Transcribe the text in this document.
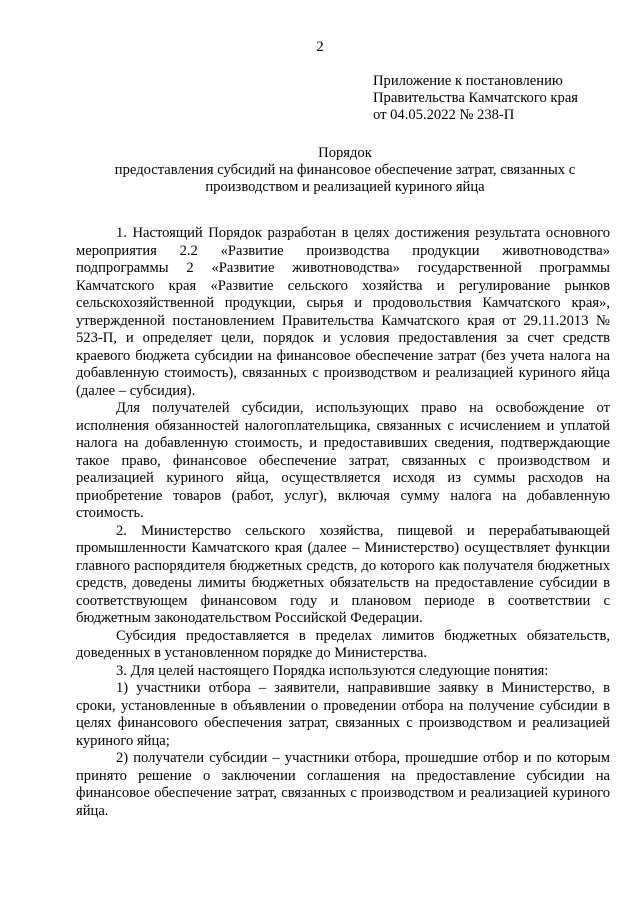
2
Приложение к постановлению
Правительства Камчатского края
от 04.05.2022 № 238-П
Порядок
предоставления субсидий на финансовое обеспечение затрат, связанных с
производством и реализацией куриного яйца

1. Настоящий Порядок разработан в целях достижения результата основного мероприятия 2.2 «Развитие производства продукции животноводства» подпрограммы 2 «Развитие животноводства» государственной программы Камчатского края «Развитие сельского хозяйства и регулирование рынков сельскохозяйственной продукции, сырья и продовольствия Камчатского края», утвержденной постановлением Правительства Камчатского края от 29.11.2013 № 523-П, и определяет цели, порядок и условия предоставления за счет средств краевого бюджета субсидии на финансовое обеспечение затрат (без учета налога на добавленную стоимость), связанных с производством и реализацией куриного яйца (далее – субсидия).

Для получателей субсидии, использующих право на освобождение от исполнения обязанностей налогоплательщика, связанных с исчислением и уплатой налога на добавленную стоимость, и предоставивших сведения, подтверждающие такое право, финансовое обеспечение затрат, связанных с производством и реализацией куриного яйца, осуществляется исходя из суммы расходов на приобретение товаров (работ, услуг), включая сумму налога на добавленную стоимость.

2. Министерство сельского хозяйства, пищевой и перерабатывающей промышленности Камчатского края (далее – Министерство) осуществляет функции главного распорядителя бюджетных средств, до которого как получателя бюджетных средств, доведены лимиты бюджетных обязательств на предоставление субсидии в соответствующем финансовом году и плановом периоде в соответствии с бюджетным законодательством Российской Федерации.

Субсидия предоставляется в пределах лимитов бюджетных обязательств, доведенных в установленном порядке до Министерства.

3. Для целей настоящего Порядка используются следующие понятия:

1) участники отбора – заявители, направившие заявку в Министерство, в сроки, установленные в объявлении о проведении отбора на получение субсидии в целях финансового обеспечения затрат, связанных с производством и реализацией куриного яйца;

2) получатели субсидии – участники отбора, прошедшие отбор и по которым принято решение о заключении соглашения на предоставление субсидии на финансовое обеспечение затрат, связанных с производством и реализацией куриного яйца.
